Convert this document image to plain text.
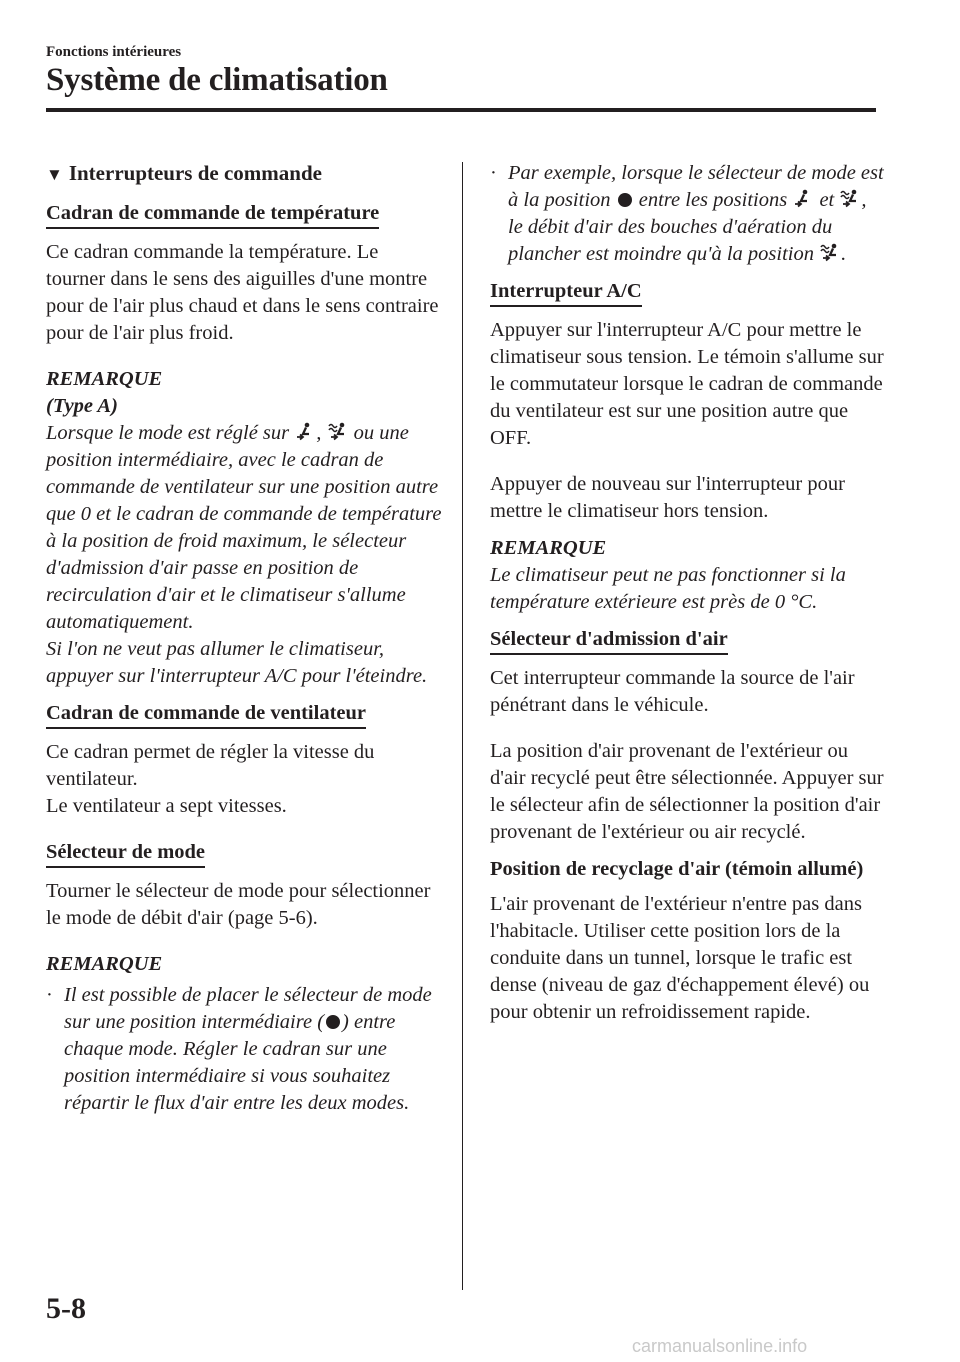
Fonctions intérieures
Système de climatisation
▼ Interrupteurs de commande
Cadran de commande de température

Ce cadran commande la température. Le tourner dans le sens des aiguilles d'une montre pour de l'air plus chaud et dans le sens contraire pour de l'air plus froid.

REMARQUE
(Type A)
Lorsque le mode est réglé sur , ou une position intermédiaire, avec le cadran de commande de ventilateur sur une position autre que 0 et le cadran de commande de température à la position de froid maximum, le sélecteur d'admission d'air passe en position de recirculation d'air et le climatiseur s'allume automatiquement.

Si l'on ne veut pas allumer le climatiseur, appuyer sur l'interrupteur A/C pour l'éteindre.

Cadran de commande de ventilateur
Ce cadran permet de régler la vitesse du ventilateur.

Le ventilateur a sept vitesses.

Sélecteur de mode

Tourner le sélecteur de mode pour sélectionner le mode de débit d'air (page 5-6).

REMARQUE
· Il est possible de placer le sélecteur de mode sur une position intermédiaire ( ) entre chaque mode. Régler le cadran sur une position intermédiaire si vous souhaitez répartir le flux d'air entre les deux modes.
· Par exemple, lorsque le sélecteur de mode est à la position entre les positions et , le débit d'air des bouches d'aération du plancher est moindre qu'à la position .
Interrupteur A/C

Appuyer sur l'interrupteur A/C pour mettre le climatiseur sous tension. Le témoin s'allume sur le commutateur lorsque le cadran de commande du ventilateur est sur une position autre que OFF.

Appuyer de nouveau sur l'interrupteur pour mettre le climatiseur hors tension.

REMARQUE

Le climatiseur peut ne pas fonctionner si la température extérieure est près de 0 °C.

Sélecteur d'admission d'air

Cet interrupteur commande la source de l'air pénétrant dans le véhicule.

La position d'air provenant de l'extérieur ou d'air recyclé peut être sélectionnée. Appuyer sur le sélecteur afin de sélectionner la position d'air provenant de l'extérieur ou air recyclé.

Position de recyclage d'air (témoin allumé)

L'air provenant de l'extérieur n'entre pas dans l'habitacle. Utiliser cette position lors de la conduite dans un tunnel, lorsque le trafic est dense (niveau de gaz d'échappement élevé) ou pour obtenir un refroidissement rapide.

5-8
carmanualsonline.info
